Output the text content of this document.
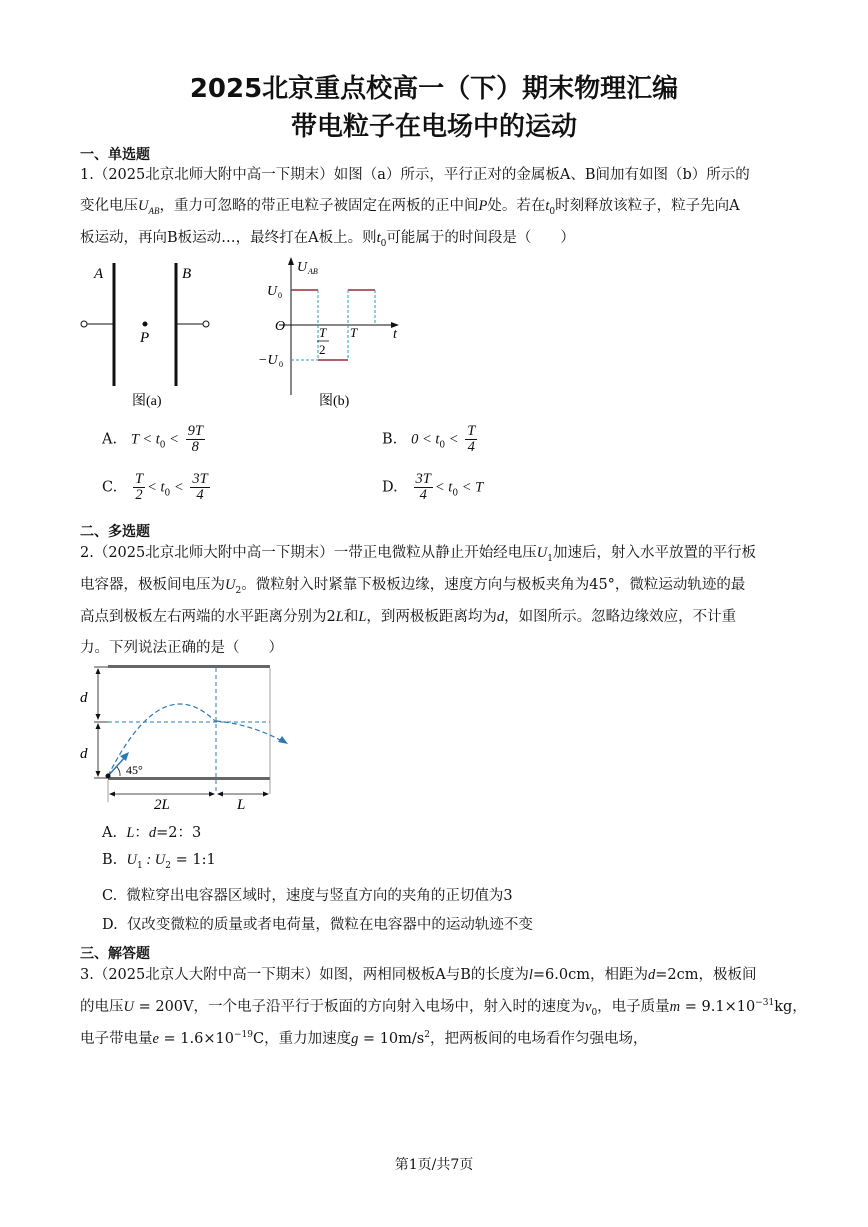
2025北京重点校高一（下）期末物理汇编
带电粒子在电场中的运动
一、单选题
1.（2025北京北师大附中高一下期末）如图（a）所示，平行正对的金属板A、B间加有如图（b）所示的
变化电压$U_{AB}$，重力可忽略的带正电粒子被固定在两板的正中间P处。若在$t_0$时刻释放该粒子，粒子先向A
板运动，再向B板运动…，最终打在A板上。则$t_0$可能属于的时间段是（　　）
A	B
P
图(a)
U AB
U 0
O
−U 0
T
2
T	t
图(b)
A. $T < t_0 < \frac{9T}{8}$	B. $0 < t_0 < \frac{T}{4}$
C. $\frac{T}{2} < t_0 < \frac{3T}{4}$	D. $\frac{3T}{4} < t_0 < T$
二、多选题
2.（2025北京北师大附中高一下期末）一带正电微粒从静止开始经电压$U_1$加速后，射入水平放置的平行板
电容器，极板间电压为$U_2$。微粒射入时紧靠下极板边缘，速度方向与极板夹角为45°，微粒运动轨迹的最
高点到极板左右两端的水平距离分别为2L和L，到两极板距离均为d，如图所示。忽略边缘效应，不计重
力。下列说法正确的是（　　）
d
d
45°
2L	L
A. L：d=2：3
B. $U_1$ : $U_2$ = 1:1
C. 微粒穿出电容器区域时，速度与竖直方向的夹角的正切值为3
D. 仅改变微粒的质量或者电荷量，微粒在电容器中的运动轨迹不变
三、解答题
3.（2025北京人大附中高一下期末）如图，两相同极板A与B的长度为l=6.0cm，相距为d=2cm，极板间
的电压U = 200V，一个电子沿平行于板面的方向射入电场中，射入时的速度为$v_0$，电子质量$m = 9.1\times 10^{-31}kg$，
电子带电量$e = 1.6\times 10^{-19}C$，重力加速度$g = 10m/s^2$，把两板间的电场看作匀强电场，
第1页/共7页
